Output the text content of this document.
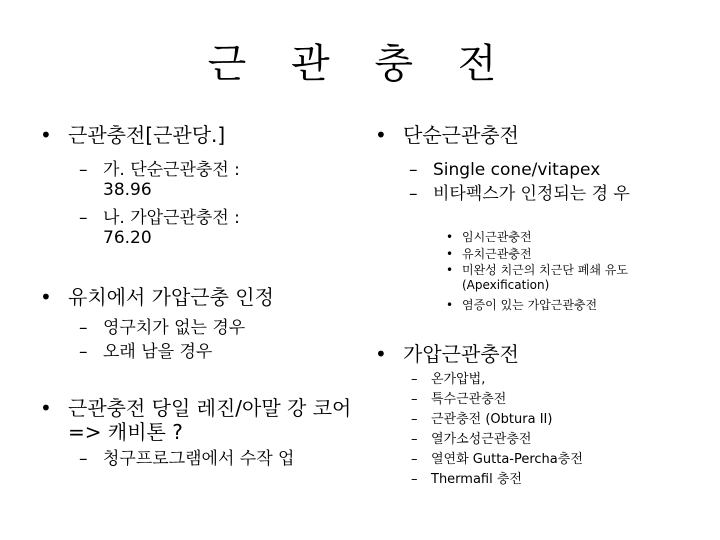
근 관 충 전
• 근관충전[근관당.]
– 가. 단순근관충전 : 38.96
– 나. 가압근관충전 : 76.20
• 유치에서 가압근충 인정
– 영구치가 없는 경우
– 오래 남을 경우
• 근관충전 당일 레진/아말 강 코어 => 캐비톤 ?
– 청구프로그램에서 수작 업
• 단순근관충전
– Single cone/vitapex
– 비타펙스가 인정되는 경 우
• 임시근관충전
• 유치근관충전
• 미완성 치근의 치근단 폐쇄 유도 (Apexification)
• 염증이 있는 가압근관충전
• 가압근관충전
– 온가압법,
– 특수근관충전
– 근관충전 (Obtura II)
– 열가소성근관충전
– 열연화 Gutta-Percha충전
– Thermafil 충전
